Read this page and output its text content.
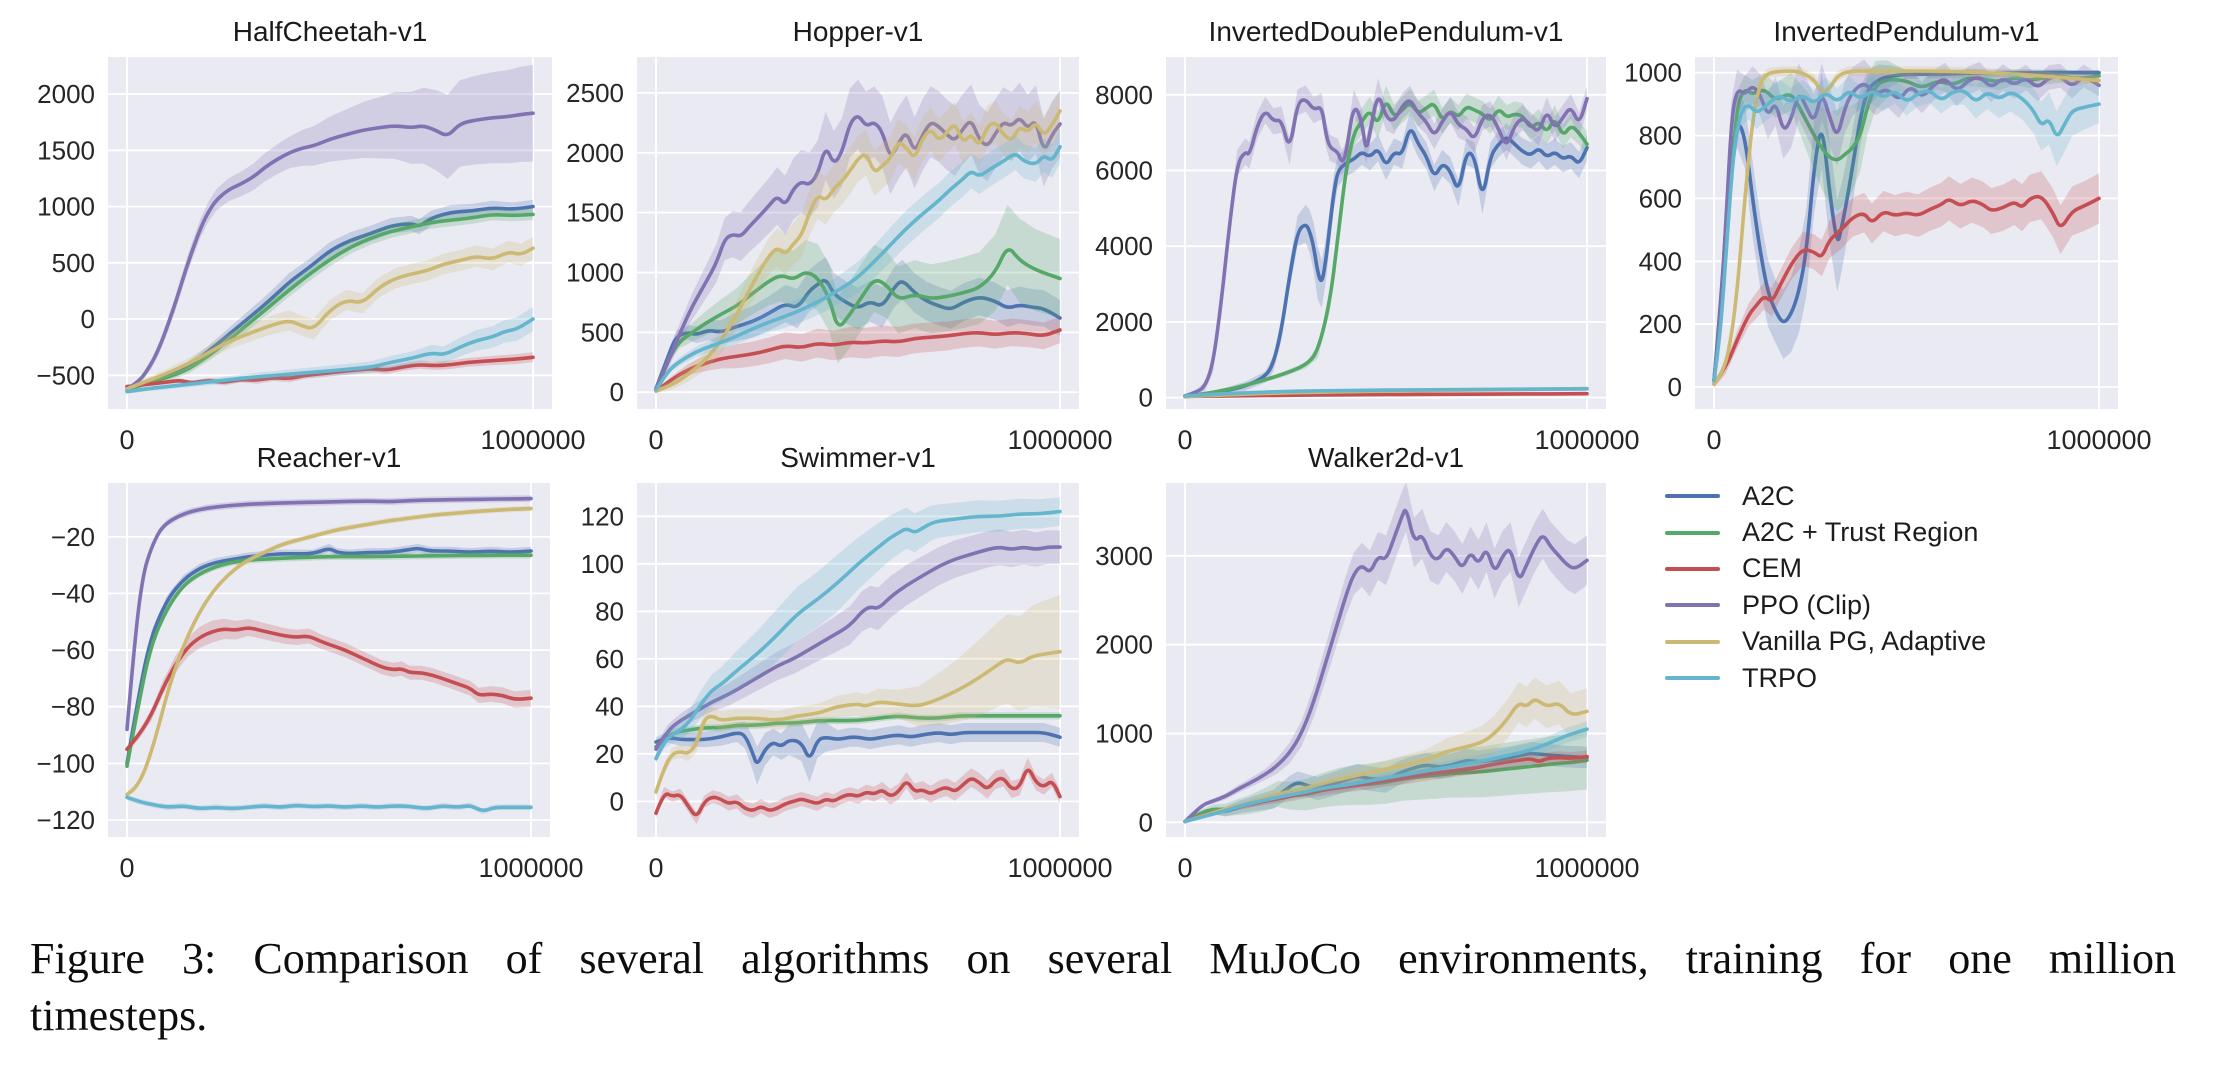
−500
0
500
1000
1500
2000
0	1000000
HalfCheetah-v1
0
500
1000
1500
2000
2500
0	1000000
Hopper-v1
0
2000
4000
6000
8000
0	1000000
InvertedDoublePendulum-v1
0
200
400
600
800
1000
0	1000000
InvertedPendulum-v1
−120
−100
−80
−60
−40
−20
0	1000000
Reacher-v1
0
20
40
60
80
100
120
0	1000000
Swimmer-v1
0
1000
2000
3000
0	1000000
Walker2d-v1
A2C
A2C + Trust Region
CEM
PPO (Clip)
Vanilla PG, Adaptive
TRPO
Figure 3: Comparison of several algorithms on several MuJoCo environments, training for one million
timesteps.
